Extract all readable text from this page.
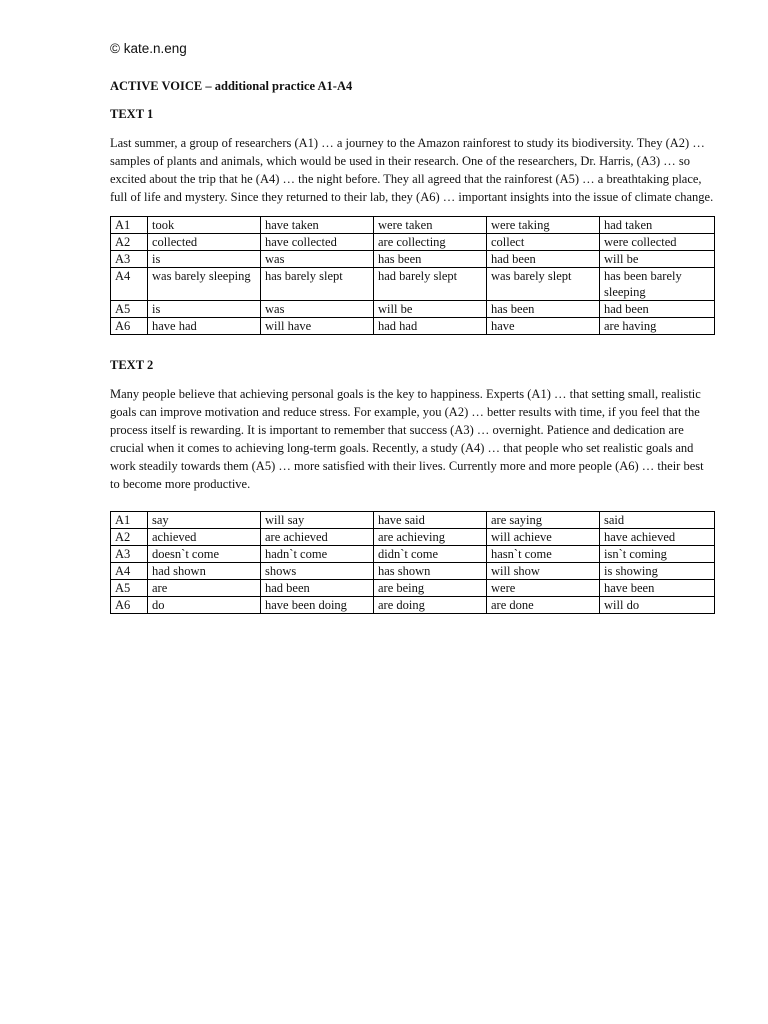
© kate.n.eng
ACTIVE VOICE – additional practice A1-A4
TEXT 1
Last summer, a group of researchers (A1) … a journey to the Amazon rainforest to study its biodiversity. They (A2) … samples of plants and animals, which would be used in their research. One of the researchers, Dr. Harris, (A3) … so excited about the trip that he (A4) … the night before. They all agreed that the rainforest (A5) … a breathtaking place, full of life and mystery. Since they returned to their lab, they (A6) … important insights into the issue of climate change.
A1	took	have taken	were taken	were taking	had taken
A2	collected	have collected	are collecting	collect	were collected
A3	is	was	has been	had been	will be
A4	was barely sleeping	has barely slept	had barely slept	was barely slept	has been barely sleeping
A5	is	was	will be	has been	had been
A6	have had	will have	had had	have	are having
TEXT 2
Many people believe that achieving personal goals is the key to happiness. Experts (A1) … that setting small, realistic goals can improve motivation and reduce stress. For example, you (A2) … better results with time, if you feel that the process itself is rewarding. It is important to remember that success (A3) … overnight. Patience and dedication are crucial when it comes to achieving long-term goals. Recently, a study (A4) … that people who set realistic goals and work steadily towards them (A5) … more satisfied with their lives. Currently more and more people (A6) … their best to become more productive.
A1	say	will say	have said	are saying	said
A2	achieved	are achieved	are achieving	will achieve	have achieved
A3	doesn`t come	hadn`t come	didn`t come	hasn`t come	isn`t coming
A4	had shown	shows	has shown	will show	is showing
A5	are	had been	are being	were	have been
A6	do	have been doing	are doing	are done	will do
